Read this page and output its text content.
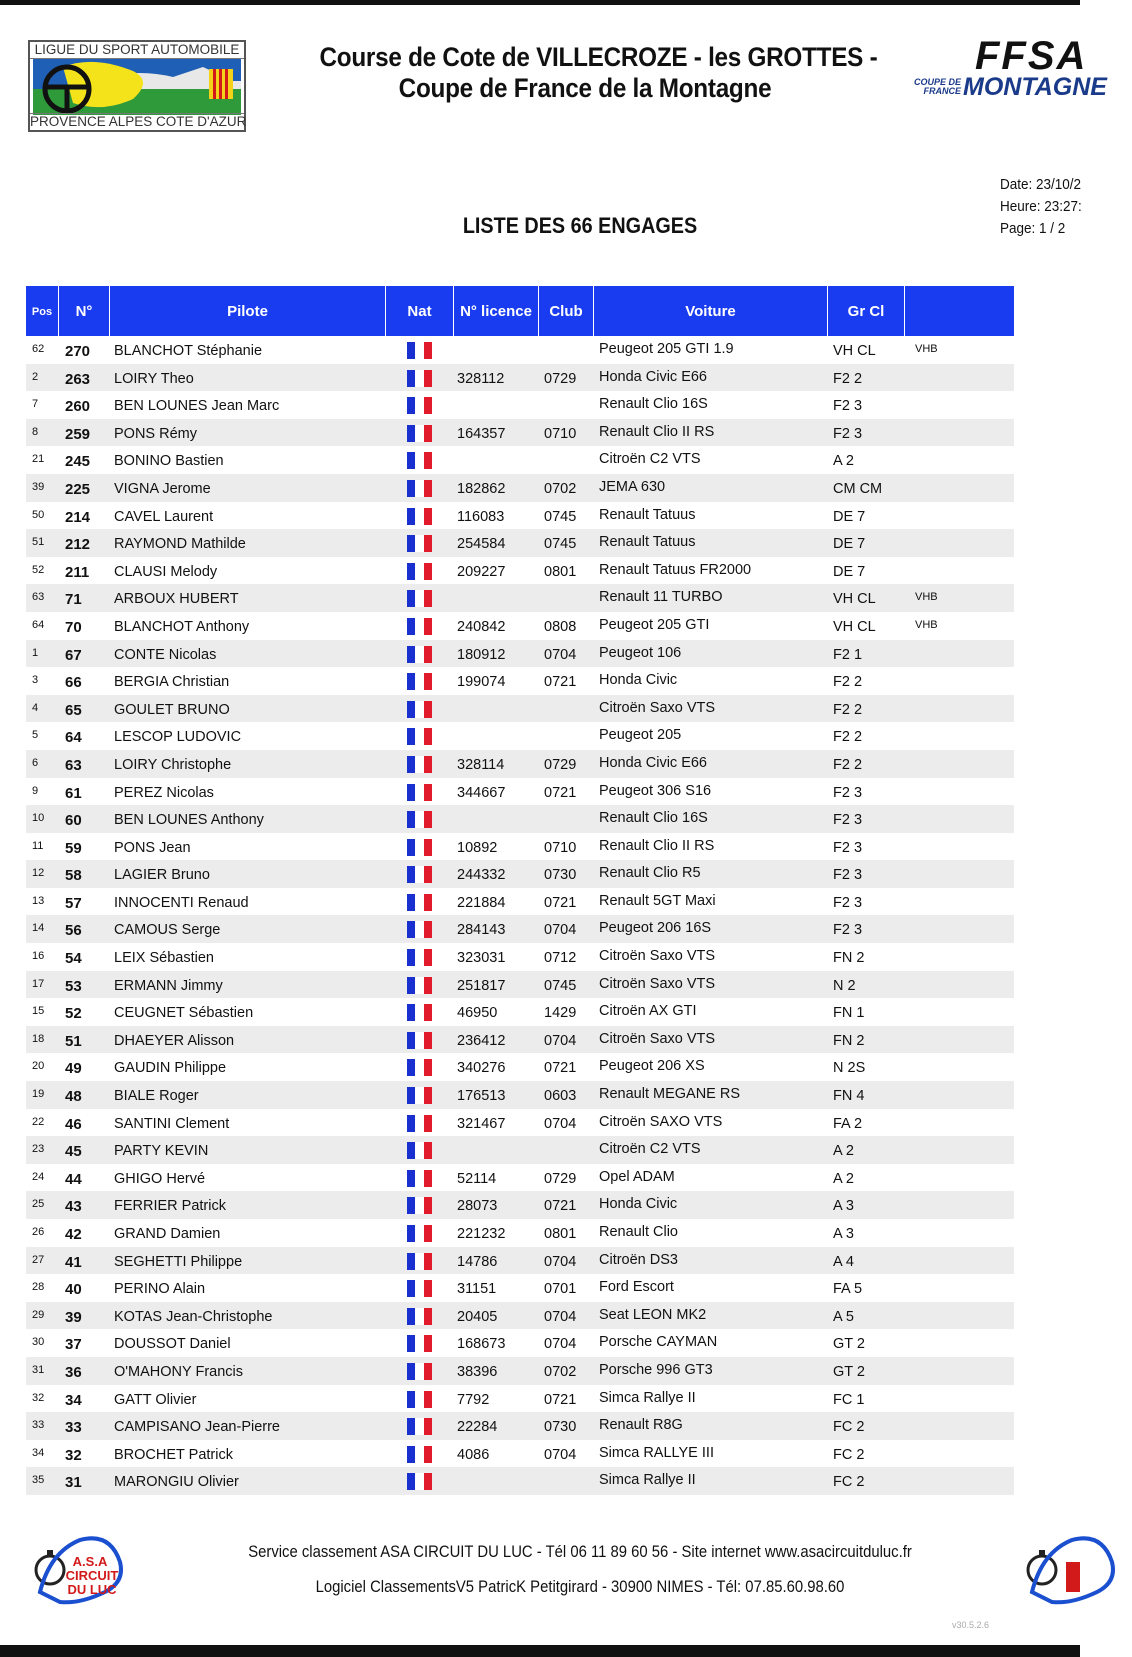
LIGUE DU SPORT AUTOMOBILE
PROVENCE ALPES COTE D'AZUR
Course de Cote de VILLECROZE - les GROTTES -
Coupe de France de la Montagne
FFSA
COUPE DE FRANCE MONTAGNE
Date: 23/10/2
Heure: 23:27:
Page: 1 / 2
LISTE DES 66 ENGAGES
Pos	N°	Pilote	Nat	N° licence	Club	Voiture	Gr Cl
62 270 BLANCHOT Stéphanie	Peugeot 205 GTI 1.9	VH CL	VHB
2 263 LOIRY Theo	328112	0729 Honda Civic E66	F2 2
7 260 BEN LOUNES Jean Marc	Renault Clio 16S	F2 3
8 259 PONS Rémy	164357	0710 Renault Clio II RS	F2 3
21 245 BONINO Bastien	Citroën C2 VTS	A 2
39 225 VIGNA Jerome	182862	0702 JEMA 630	CM CM
50 214 CAVEL Laurent	116083	0745 Renault Tatuus	DE 7
51 212 RAYMOND Mathilde	254584	0745 Renault Tatuus	DE 7
52 211 CLAUSI Melody	209227	0801 Renault Tatuus FR2000	DE 7
63 71 ARBOUX HUBERT	Renault 11 TURBO	VH CL	VHB
64 70 BLANCHOT Anthony	240842	0808 Peugeot 205 GTI	VH CL	VHB
1 67 CONTE Nicolas	180912	0704 Peugeot 106	F2 1
3 66 BERGIA Christian	199074	0721 Honda Civic	F2 2
4 65 GOULET BRUNO	Citroën Saxo VTS	F2 2
5 64 LESCOP LUDOVIC	Peugeot 205	F2 2
6 63 LOIRY Christophe	328114	0729 Honda Civic E66	F2 2
9 61 PEREZ Nicolas	344667	0721 Peugeot 306 S16	F2 3
10 60 BEN LOUNES Anthony	Renault Clio 16S	F2 3
11 59 PONS Jean	10892	0710 Renault Clio II RS	F2 3
12 58 LAGIER Bruno	244332	0730 Renault Clio R5	F2 3
13 57 INNOCENTI Renaud	221884	0721 Renault 5GT Maxi	F2 3
14 56 CAMOUS Serge	284143	0704 Peugeot 206 16S	F2 3
16 54 LEIX Sébastien	323031	0712 Citroën Saxo VTS	FN 2
17 53 ERMANN Jimmy	251817	0745 Citroën Saxo VTS	N 2
15 52 CEUGNET Sébastien	46950	1429 Citroën AX GTI	FN 1
18 51 DHAEYER Alisson	236412	0704 Citroën Saxo VTS	FN 2
20 49 GAUDIN Philippe	340276	0721 Peugeot 206 XS	N 2S
19 48 BIALE Roger	176513	0603 Renault MEGANE RS	FN 4
22 46 SANTINI Clement	321467	0704 Citroën SAXO VTS	FA 2
23 45 PARTY KEVIN	Citroën C2 VTS	A 2
24 44 GHIGO Hervé	52114	0729 Opel ADAM	A 2
25 43 FERRIER Patrick	28073	0721 Honda Civic	A 3
26 42 GRAND Damien	221232	0801 Renault Clio	A 3
27 41 SEGHETTI Philippe	14786	0704 Citroën DS3	A 4
28 40 PERINO Alain	31151	0701 Ford Escort	FA 5
29 39 KOTAS Jean-Christophe	20405	0704 Seat LEON MK2	A 5
30 37 DOUSSOT Daniel	168673	0704 Porsche CAYMAN	GT 2
31 36 O'MAHONY Francis	38396	0702 Porsche 996 GT3	GT 2
32 34 GATT Olivier	7792	0721 Simca Rallye II	FC 1
33 33 CAMPISANO Jean-Pierre	22284	0730 Renault R8G	FC 2
34 32 BROCHET Patrick	4086	0704 Simca RALLYE III	FC 2
35 31 MARONGIU Olivier	Simca Rallye II	FC 2
A.S.A
CIRCUIT
DU LUC
Service classement ASA CIRCUIT DU LUC - Tél 06 11 89 60 56 - Site internet www.asacircuitduluc.fr
Logiciel ClassementsV5 PatricK Petitgirard - 30900 NIMES - Tél: 07.85.60.98.60
v30.5.2.6
